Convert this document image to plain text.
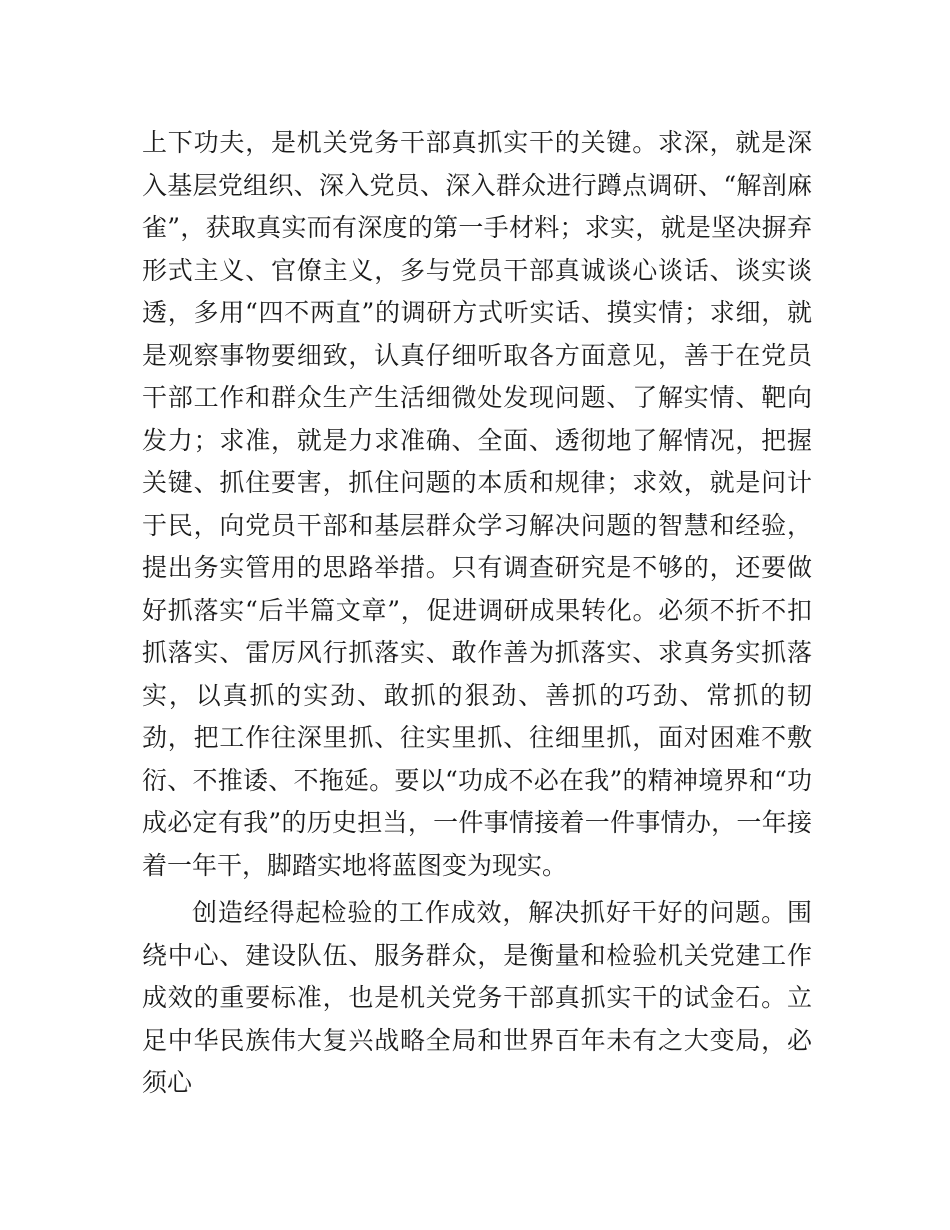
上下功夫，是机关党务干部真抓实干的关键。求深，就是深入基层党组织、深入党员、深入群众进行蹲点调研、“解剖麻雀”，获取真实而有深度的第一手材料；求实，就是坚决摒弃形式主义、官僚主义，多与党员干部真诚谈心谈话、谈实谈透，多用“四不两直”的调研方式听实话、摸实情；求细，就是观察事物要细致，认真仔细听取各方面意见，善于在党员干部工作和群众生产生活细微处发现问题、了解实情、靶向发力；求准，就是力求准确、全面、透彻地了解情况，把握关键、抓住要害，抓住问题的本质和规律；求效，就是问计于民，向党员干部和基层群众学习解决问题的智慧和经验，提出务实管用的思路举措。只有调查研究是不够的，还要做好抓落实“后半篇文章”，促进调研成果转化。必须不折不扣抓落实、雷厉风行抓落实、敢作善为抓落实、求真务实抓落实，以真抓的实劲、敢抓的狠劲、善抓的巧劲、常抓的韧劲，把工作往深里抓、往实里抓、往细里抓，面对困难不敷衍、不推诿、不拖延。要以“功成不必在我”的精神境界和“功成必定有我”的历史担当，一件事情接着一件事情办，一年接着一年干，脚踏实地将蓝图变为现实。

创造经得起检验的工作成效，解决抓好干好的问题。围绕中心、建设队伍、服务群众，是衡量和检验机关党建工作成效的重要标准，也是机关党务干部真抓实干的试金石。立足中华民族伟大复兴战略全局和世界百年未有之大变局，必须心
